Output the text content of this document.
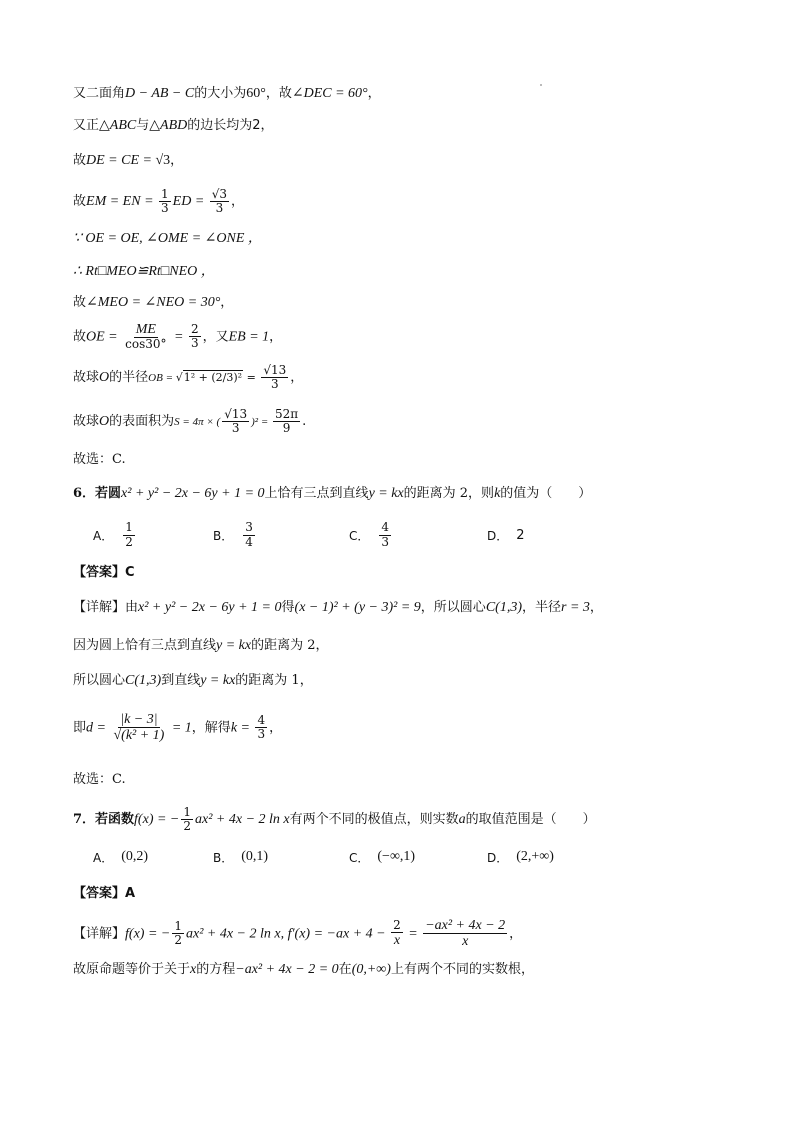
又二面角D − AB − C的大小为60°，故∠DEC = 60°，
又正△ABC与△ABD的边长均为2，
故DE = CE = √3，
故EM = EN = $\frac{1}{3}$ ED = $\frac{√3}{3}$ ，
∵ OE = OE, ∠OME = ∠ONE ，
∴ Rt□MEO≌Rt□NEO ，
故∠MEO = ∠NEO = 30°，
故OE = $\frac{ME}{\cos 30^\circ} = \frac{2}{3}$ ，又EB = 1，
故球O的半径OB = $√1^2 + (2/3)^2 = \frac{√13}{3}$ ，
故球O的表面积为S = 4π × ( $\frac{√13}{3} )^2 = \frac{52\pi}{9}$ .
故选：C.
6．若圆x² + y² − 2x − 6y + 1 = 0上恰有三点到直线y = kx的距离为 2，则k的值为（　　）
A． $\frac{1}{2}$	B． $\frac{3}{4}$	C． $\frac{4}{3}$	D． 2
【答案】C
【详解】由x² + y² − 2x − 6y + 1 = 0得(x − 1)² + (y − 3)² = 9，所以圆心C(1,3)，半径r = 3，
因为圆上恰有三点到直线y = kx的距离为 2，
所以圆心C(1,3)到直线y = kx的距离为 1，
即$d = \frac{|k - 3|}{\text{√(k² + 1)}} = 1$，解得$k = \frac{4}{3}$ ，
故选：C.
7．若函数f(x) = − $\frac{1}{2} ax^2 + 4x - 2$ ln x有两个不同的极值点，则实数a的取值范围是（　　）
A． (0,2)	B． (0,1)	C． (−∞,1)	D． (2,+∞)
【答案】A
【详解】f(x) = − $\frac{1}{2} ax^2 + 4x - 2$ ln x, $f'(x) = -ax + 4 - \frac{2}{x} = \frac{\text{−ax² + 4x − 2}}{x}$ ，
故原命题等价于关于x的方程−ax² + 4x − 2 = 0在(0,+∞)上有两个不同的实数根，
